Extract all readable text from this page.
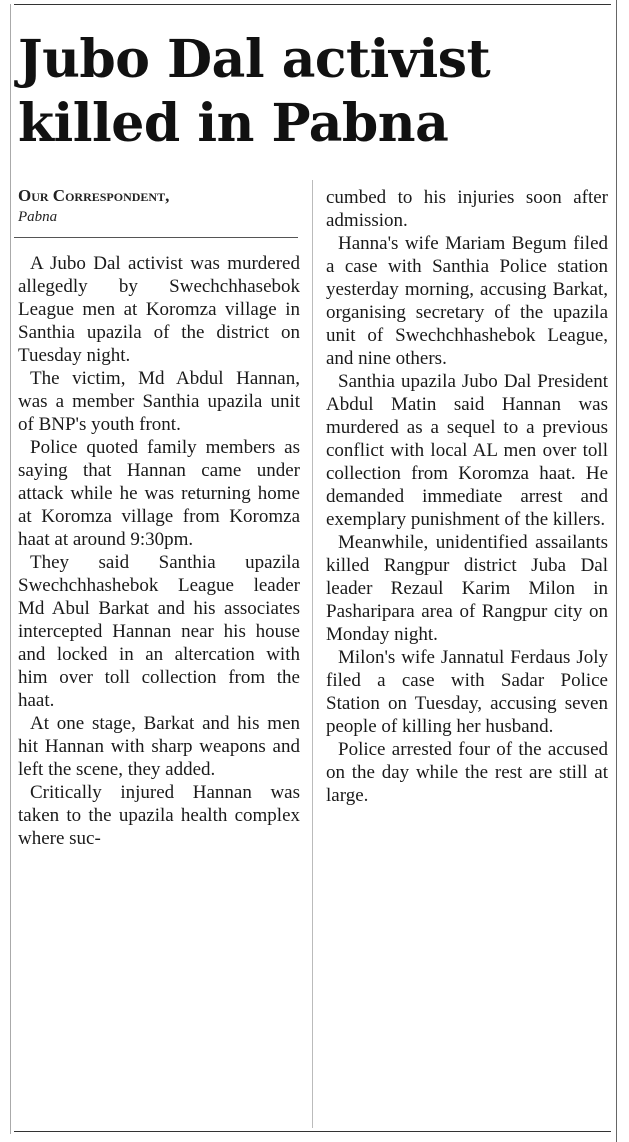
Jubo Dal activist killed in Pabna
Our Correspondent,
Pabna

A Jubo Dal activist was murdered allegedly by Swechchhasebok League men at Koromza village in Santhia upazila of the district on Tuesday night.

The victim, Md Abdul Hannan, was a member Santhia upazila unit of BNP's youth front.

Police quoted family members as saying that Hannan came under attack while he was returning home at Koromza village from Koromza haat at around 9:30pm.

They said Santhia upazila Swechchhashebok League leader Md Abul Barkat and his associates intercepted Hannan near his house and locked in an altercation with him over toll collection from the haat.

At one stage, Barkat and his men hit Hannan with sharp weapons and left the scene, they added.

Critically injured Hannan was taken to the upazila health complex where suc-

cumbed to his injuries soon after admission.

Hanna's wife Mariam Begum filed a case with Santhia Police station yesterday morning, accusing Barkat, organising secretary of the upazila unit of Swechchhashebok League, and nine others.

Santhia upazila Jubo Dal President Abdul Matin said Hannan was murdered as a sequel to a previous conflict with local AL men over toll collection from Koromza haat. He demanded immediate arrest and exemplary punishment of the killers.

Meanwhile, unidentified assailants killed Rangpur district Juba Dal leader Rezaul Karim Milon in Pasharipara area of Rangpur city on Monday night.

Milon's wife Jannatul Ferdaus Joly filed a case with Sadar Police Station on Tuesday, accusing seven people of killing her husband.

Police arrested four of the accused on the day while the rest are still at large.
